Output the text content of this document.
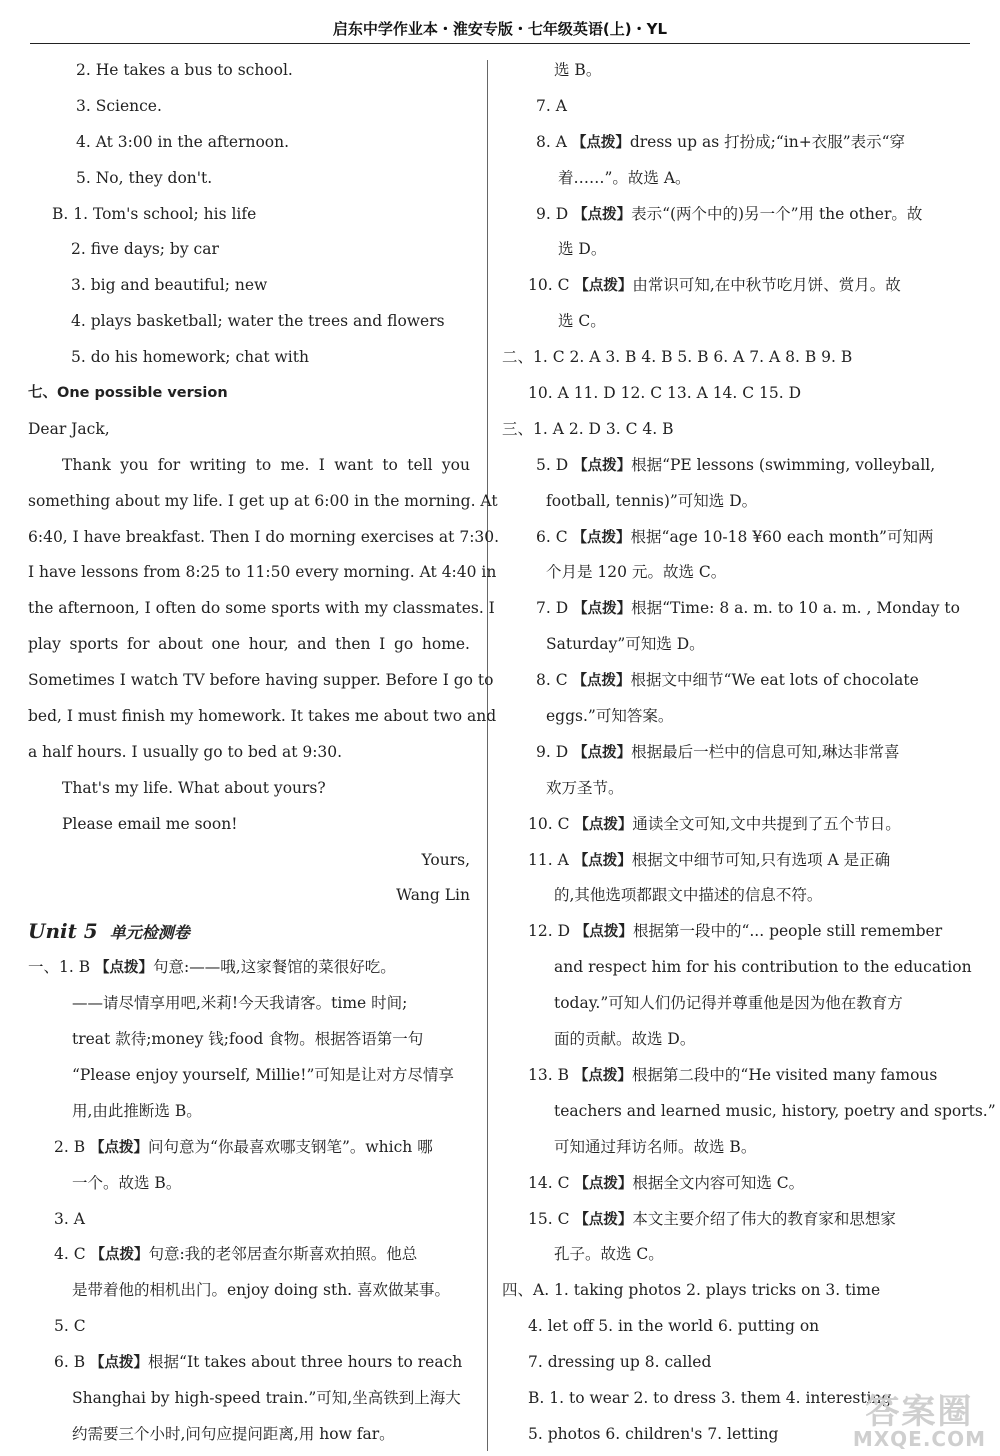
启东中学作业本・淮安专版・七年级英语(上)・YL
2. He takes a bus to school.
3. Science.
4. At 3:00 in the afternoon.
5. No, they don't.
B. 1. Tom's school; his life
2. five days; by car
3. big and beautiful; new
4. plays basketball; water the trees and flowers
5. do his homework; chat with
七、One possible version
Dear Jack,
Thank you for writing to me. I want to tell you
something about my life. I get up at 6:00 in the morning. At
6:40, I have breakfast. Then I do morning exercises at 7:30.
I have lessons from 8:25 to 11:50 every morning. At 4:40 in
the afternoon, I often do some sports with my classmates. I
play sports for about one hour, and then I go home.
Sometimes I watch TV before having supper. Before I go to
bed, I must finish my homework. It takes me about two and
a half hours. I usually go to bed at 9:30.
That's my life. What about yours?
Please email me soon!
Yours,
Wang Lin
Unit 5 单元检测卷
一、1. B 【点拨】句意:——哦,这家餐馆的菜很好吃。
——请尽情享用吧,米莉!今天我请客。time 时间;
treat 款待;money 钱;food 食物。根据答语第一句
“Please enjoy yourself, Millie!”可知是让对方尽情享
用,由此推断选 B。
2. B 【点拨】问句意为“你最喜欢哪支钢笔”。which 哪
一个。故选 B。
3. A
4. C 【点拨】句意:我的老邻居查尔斯喜欢拍照。他总
是带着他的相机出门。enjoy doing sth. 喜欢做某事。
5. C
6. B 【点拨】根据“It takes about three hours to reach
Shanghai by high-speed train.”可知,坐高铁到上海大
约需要三个小时,问句应提问距离,用 how far。
选 B。
7. A
8. A 【点拨】dress up as 打扮成;“in+衣服”表示“穿
着……”。故选 A。
9. D 【点拨】表示“(两个中的)另一个”用 the other。故
选 D。
10. C 【点拨】由常识可知,在中秋节吃月饼、赏月。故
选 C。
二、1. C 2. A 3. B 4. B 5. B 6. A 7. A 8. B 9. B
10. A 11. D 12. C 13. A 14. C 15. D
三、1. A 2. D 3. C 4. B
5. D 【点拨】根据“PE lessons (swimming, volleyball,
football, tennis)”可知选 D。
6. C 【点拨】根据“age 10-18 ¥60 each month”可知两
个月是 120 元。故选 C。
7. D 【点拨】根据“Time: 8 a. m. to 10 a. m. , Monday to
Saturday”可知选 D。
8. C 【点拨】根据文中细节“We eat lots of chocolate
eggs.”可知答案。
9. D 【点拨】根据最后一栏中的信息可知,琳达非常喜
欢万圣节。
10. C 【点拨】通读全文可知,文中共提到了五个节日。
11. A 【点拨】根据文中细节可知,只有选项 A 是正确
的,其他选项都跟文中描述的信息不符。
12. D 【点拨】根据第一段中的“... people still remember
and respect him for his contribution to the education
today.”可知人们仍记得并尊重他是因为他在教育方
面的贡献。故选 D。
13. B 【点拨】根据第二段中的“He visited many famous
teachers and learned music, history, poetry and sports.”
可知通过拜访名师。故选 B。
14. C 【点拨】根据全文内容可知选 C。
15. C 【点拨】本文主要介绍了伟大的教育家和思想家
孔子。故选 C。
四、A. 1. taking photos 2. plays tricks on 3. time
4. let off 5. in the world 6. putting on
7. dressing up 8. called
B. 1. to wear 2. to dress 3. them 4. interesting
5. photos 6. children's 7. letting
答案圈
MXQE.COM
